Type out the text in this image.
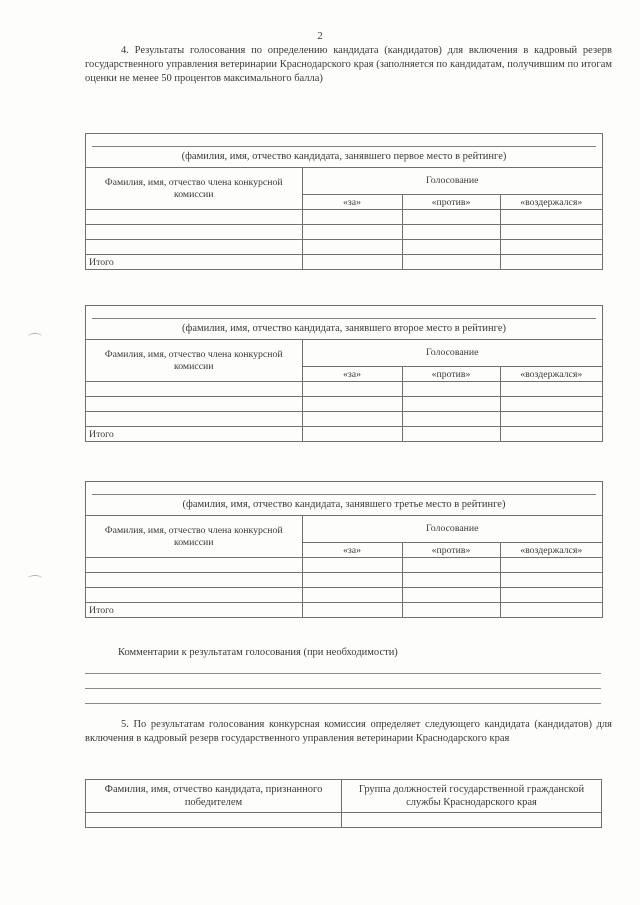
2
4. Результаты голосования по определению кандидата (кандидатов) для включения в кадровый резерв государственного управления ветеринарии Краснодарского края (заполняется по кандидатам, получившим по итогам оценки не менее 50 процентов максимального балла)
(фамилия, имя, отчество кандидата, занявшего первое место в рейтинге)
Фамилия, имя, отчество члена конкурсной комиссии	Голосование		
	«за»	«против»	«воздержался»

Итого			
(фамилия, имя, отчество кандидата, занявшего второе место в рейтинге)
Фамилия, имя, отчество члена конкурсной комиссии	Голосование		
	«за»	«против»	«воздержался»

Итого			
(фамилия, имя, отчество кандидата, занявшего третье место в рейтинге)
Фамилия, имя, отчество члена конкурсной комиссии	Голосование		
	«за»	«против»	«воздержался»

Итого			
Комментарии к результатам голосования (при необходимости)
5. По результатам голосования конкурсная комиссия определяет следующего кандидата (кандидатов) для включения в кадровый резерв государственного управления ветеринарии Краснодарского края
Фамилия, имя, отчество кандидата, признанного победителем	Группа должностей государственной гражданской службы Краснодарского края
